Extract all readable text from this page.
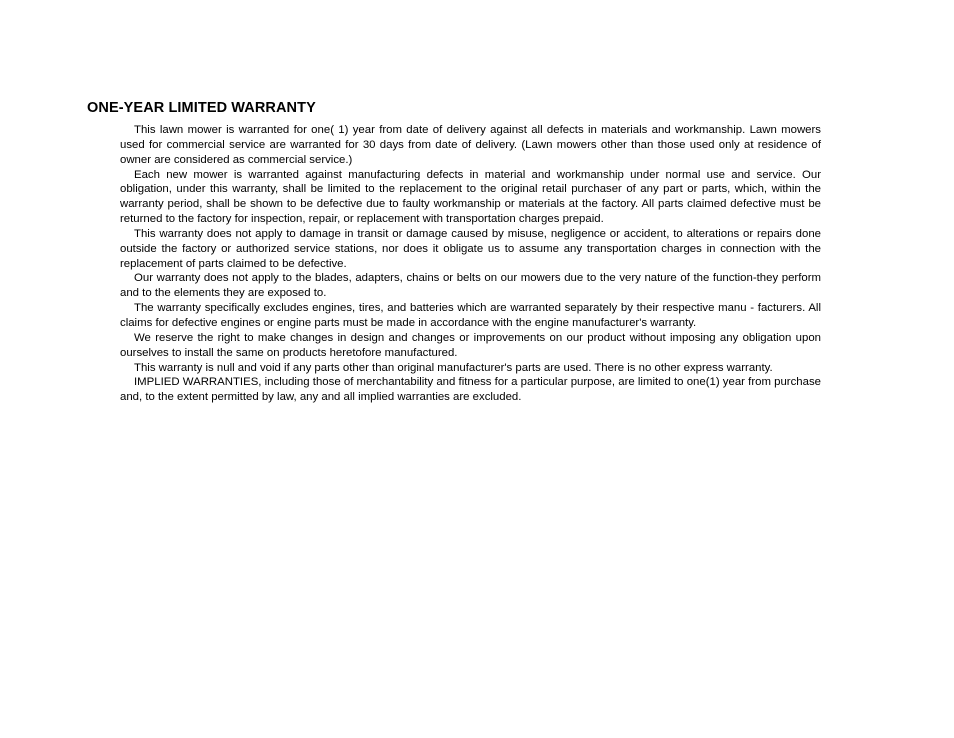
ONE-YEAR LIMITED WARRANTY

This lawn mower is warranted for one( 1) year from date of delivery against all defects in materials and workmanship. Lawn mowers used for commercial service are warranted for 30 days from date of delivery. (Lawn mowers other than those used only at residence of owner are considered as commercial service.)

Each new mower is warranted against manufacturing defects in material and workmanship under normal use and service. Our obligation, under this warranty, shall be limited to the replacement to the original retail purchaser of any part or parts, which, within the warranty period, shall be shown to be defective due to faulty workmanship or materials at the factory. All parts claimed defective must be returned to the factory for inspection, repair, or replacement with transportation charges prepaid.

This warranty does not apply to damage in transit or damage caused by misuse, negligence or accident, to alterations or repairs done outside the factory or authorized service stations, nor does it obligate us to assume any transportation charges in connection with the replacement of parts claimed to be defective.

Our warranty does not apply to the blades, adapters, chains or belts on our mowers due to the very nature of the function-they perform and to the elements they are exposed to.

The warranty specifically excludes engines, tires, and batteries which are warranted separately by their respective manu - facturers. All claims for defective engines or engine parts must be made in accordance with the engine manufacturer's warranty.

We reserve the right to make changes in design and changes or improvements on our product without imposing any obligation upon ourselves to install the same on products heretofore manufactured.

This warranty is null and void if any parts other than original manufacturer's parts are used. There is no other express warranty.

IMPLIED WARRANTIES, including those of merchantability and fitness for a particular purpose, are limited to one(1) year from purchase and, to the extent permitted by law, any and all implied warranties are excluded.
